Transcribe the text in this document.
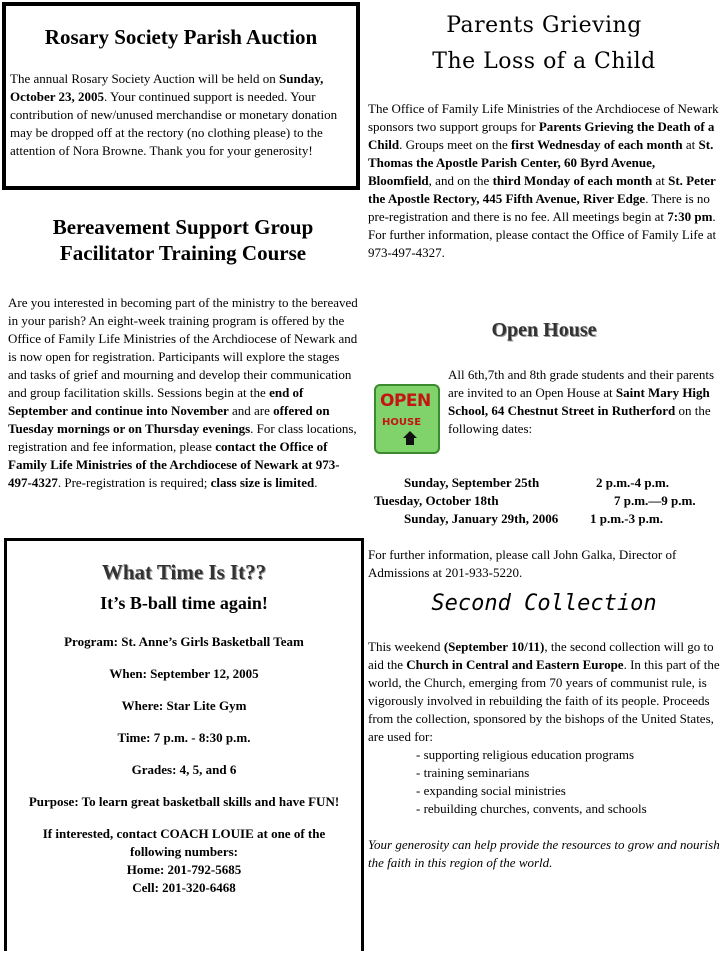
Rosary Society Parish Auction

The annual Rosary Society Auction will be held on Sunday, October 23, 2005. Your continued support is needed. Your contribution of new/unused merchandise or monetary donation may be dropped off at the rectory (no clothing please) to the attention of Nora Browne. Thank you for your generosity!

Bereavement Support Group Facilitator Training Course

Are you interested in becoming part of the ministry to the bereaved in your parish? An eight-week training program is offered by the Office of Family Life Ministries of the Archdiocese of Newark and is now open for registration. Participants will explore the stages and tasks of grief and mourning and develop their communication and group facilitation skills. Sessions begin at the end of September and continue into November and are offered on Tuesday mornings or on Thursday evenings. For class locations, registration and fee information, please contact the Office of Family Life Ministries of the Archdiocese of Newark at 973-497-4327. Pre-registration is required; class size is limited.

What Time Is It??
It’s B-ball time again!
Program: St. Anne’s Girls Basketball Team
When: September 12, 2005
Where: Star Lite Gym
Time: 7 p.m. - 8:30 p.m.
Grades: 4, 5, and 6
Purpose: To learn great basketball skills and have FUN!
If interested, contact COACH LOUIE at one of the following numbers:
Home: 201-792-5685
Cell: 201-320-6468
Parents Grieving
The Loss of a Child

The Office of Family Life Ministries of the Archdiocese of Newark sponsors two support groups for Parents Grieving the Death of a Child. Groups meet on the first Wednesday of each month at St. Thomas the Apostle Parish Center, 60 Byrd Avenue, Bloomfield, and on the third Monday of each month at St. Peter the Apostle Rectory, 445 Fifth Avenue, River Edge. There is no pre-registration and there is no fee. All meetings begin at 7:30 pm. For further information, please contact the Office of Family Life at 973-497-4327.

Open House
OPEN
HOUSE
All 6th,7th and 8th grade students and their parents are invited to an Open House at Saint Mary High School, 64 Chestnut Street in Rutherford on the following dates:
Sunday, September 25th	2 p.m.-4 p.m.
Tuesday, October 18th	7 p.m.—9 p.m.
Sunday, January 29th, 2006 1 p.m.-3 p.m.
For further information, please call John Galka, Director of Admissions at 201-933-5220.
Second Collection

This weekend (September 10/11), the second collection will go to aid the Church in Central and Eastern Europe. In this part of the world, the Church, emerging from 70 years of communist rule, is vigorously involved in rebuilding the faith of its people. Proceeds from the collection, sponsored by the bishops of the United States, are used for:

- supporting religious education programs
- training seminarians
- expanding social ministries
- rebuilding churches, convents, and schools

Your generosity can help provide the resources to grow and nourish the faith in this region of the world.
